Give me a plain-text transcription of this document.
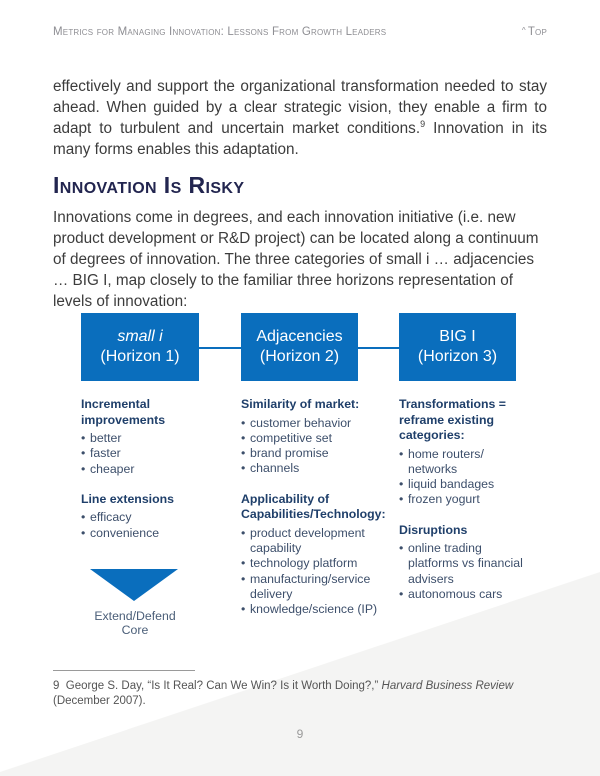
Metrics for Managing Innovation: Lessons From Growth Leaders	^ Top

effectively and support the organizational transformation needed to stay ahead. When guided by a clear strategic vision, they enable a firm to adapt to turbulent and uncertain market conditions.$^9$ Innovation in its many forms enables this adaptation.

Innovation Is Risky

Innovations come in degrees, and each innovation initiative (i.e. new product development or R&D project) can be located along a continuum of degrees of innovation. The three categories of small i … adjacencies … BIG I, map closely to the familiar three horizons representation of levels of innovation:

small i
(Horizon 1)
Adjacencies
(Horizon 2)
BIG I
(Horizon 3)
Incremental improvements
• better
• faster
• cheaper
Line extensions
• efficacy
• convenience
Similarity of market:
• customer behavior
• competitive set
• brand promise
• channels
Applicability of Capabilities/Technology:
• product development capability
• technology platform
• manufacturing/service delivery
• knowledge/science (IP)
Transformations = reframe existing categories:
• home routers/ networks
• liquid bandages
• frozen yogurt
Disruptions
• online trading platforms vs financial advisers
• autonomous cars
Extend/Defend Core

9 George S. Day, “Is It Real? Can We Win? Is it Worth Doing?,” Harvard Business Review (December 2007).

9
